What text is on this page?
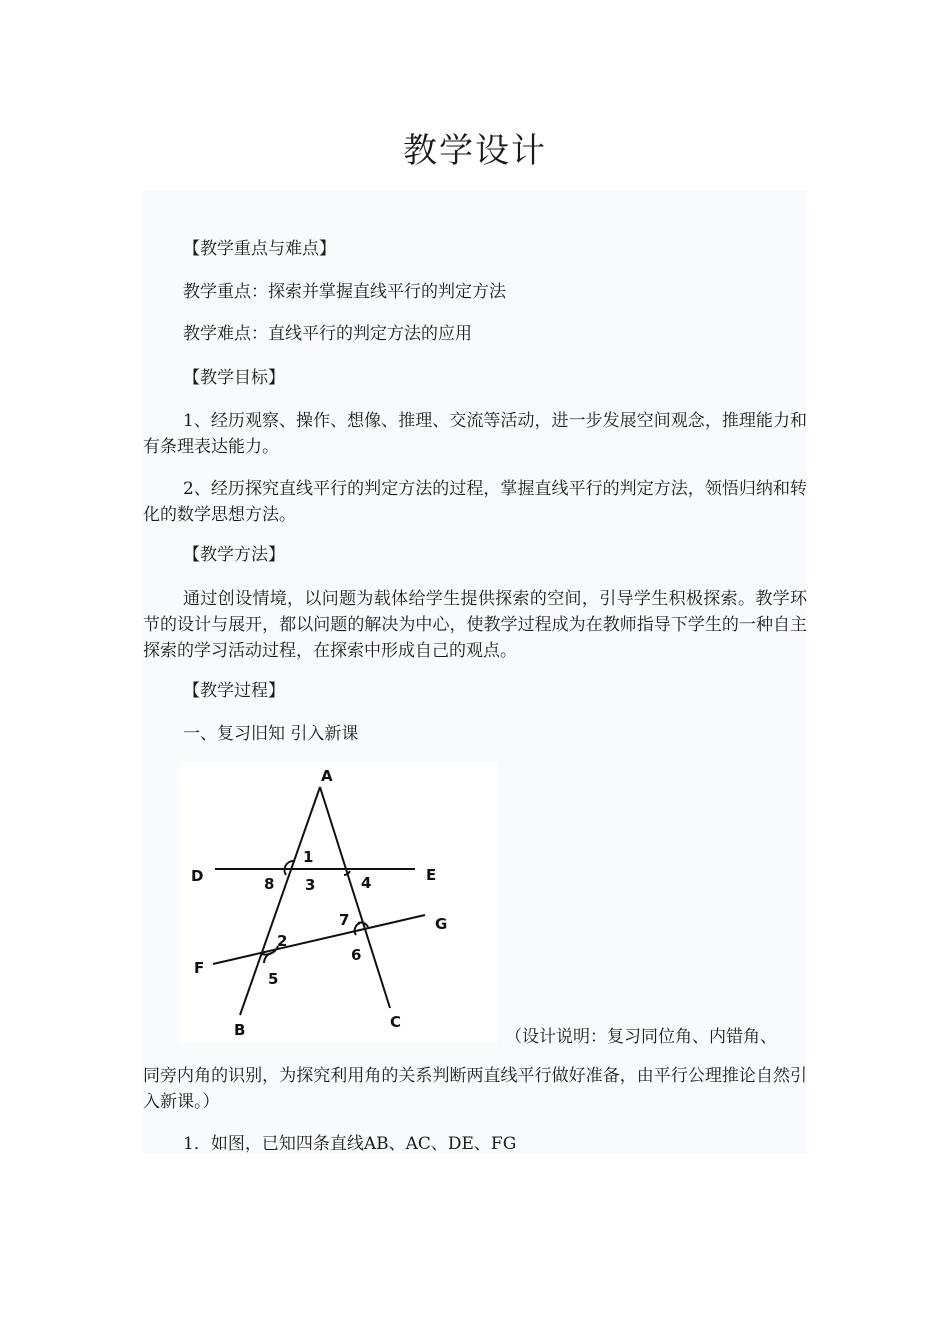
教学设计

【教学重点与难点】

教学重点：探索并掌握直线平行的判定方法

教学难点：直线平行的判定方法的应用

【教学目标】

1、经历观察、操作、想像、推理、交流等活动，进一步发展空间观念，推理能力和有条理表达能力。

2、经历探究直线平行的判定方法的过程，掌握直线平行的判定方法，领悟归纳和转化的数学思想方法。

【教学方法】

通过创设情境，以问题为载体给学生提供探索的空间，引导学生积极探索。教学环节的设计与展开，都以问题的解决为中心，使教学过程成为在教师指导下学生的一种自主探索的学习活动过程，在探索中形成自己的观点。

【教学过程】

一、复习旧知 引入新课

A
B	C
D	E
F
G
1
2
3	4
5
6
7
8
（设计说明：复习同位角、内错角、

同旁内角的识别，为探究利用角的关系判断两直线平行做好准备，由平行公理推论自然引入新课。）

1．如图，已知四条直线AB、AC、DE、FG
